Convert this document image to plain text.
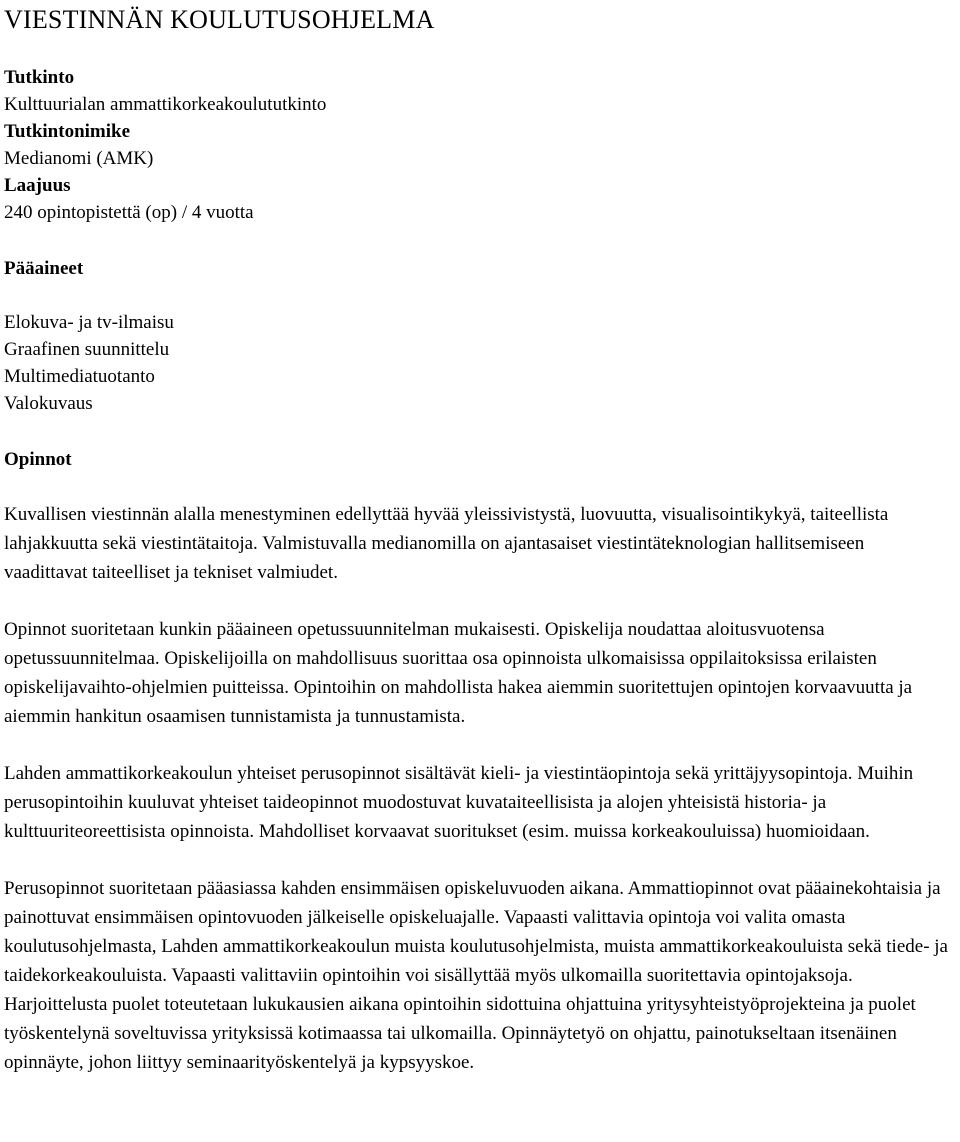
VIESTINNÄN KOULUTUSOHJELMA

Tutkinto

Kulttuurialan ammattikorkeakoulututkinto

Tutkintonimike

Medianomi (AMK)

Laajuus

240 opintopistettä (op) / 4 vuotta

Pääaineet
Elokuva- ja tv-ilmaisu
Graafinen suunnittelu
Multimediatuotanto
Valokuvaus
Opinnot

Kuvallisen viestinnän alalla menestyminen edellyttää hyvää yleissivistystä, luovuutta, visualisointikykyä, taiteellista lahjakkuutta sekä viestintätaitoja. Valmistuvalla medianomilla on ajantasaiset viestintäteknologian hallitsemiseen vaadittavat taiteelliset ja tekniset valmiudet.

Opinnot suoritetaan kunkin pääaineen opetussuunnitelman mukaisesti. Opiskelija noudattaa aloitusvuotensa opetussuunnitelmaa. Opiskelijoilla on mahdollisuus suorittaa osa opinnoista ulkomaisissa oppilaitoksissa erilaisten opiskelijavaihto-ohjelmien puitteissa. Opintoihin on mahdollista hakea aiemmin suoritettujen opintojen korvaavuutta ja aiemmin hankitun osaamisen tunnistamista ja tunnustamista.

Lahden ammattikorkeakoulun yhteiset perusopinnot sisältävät kieli- ja viestintäopintoja sekä yrittäjyysopintoja. Muihin perusopintoihin kuuluvat yhteiset taideopinnot muodostuvat kuvataiteellisista ja alojen yhteisistä historia- ja kulttuuriteoreettisista opinnoista. Mahdolliset korvaavat suoritukset (esim. muissa korkeakouluissa) huomioidaan.

Perusopinnot suoritetaan pääasiassa kahden ensimmäisen opiskeluvuoden aikana. Ammattiopinnot ovat pääainekohtaisia ja painottuvat ensimmäisen opintovuoden jälkeiselle opiskeluajalle. Vapaasti valittavia opintoja voi valita omasta koulutusohjelmasta, Lahden ammattikorkeakoulun muista koulutusohjelmista, muista ammattikorkeakouluista sekä tiede- ja taidekorkeakouluista. Vapaasti valittaviin opintoihin voi sisällyttää myös ulkomailla suoritettavia opintojaksoja. Harjoittelusta puolet toteutetaan lukukausien aikana opintoihin sidottuina ohjattuina yritysyhteistyöprojekteina ja puolet työskentelynä soveltuvissa yrityksissä kotimaassa tai ulkomailla. Opinnäytetyö on ohjattu, painotukseltaan itsenäinen opinnäyte, johon liittyy seminaarityöskentelyä ja kypsyyskoe.
